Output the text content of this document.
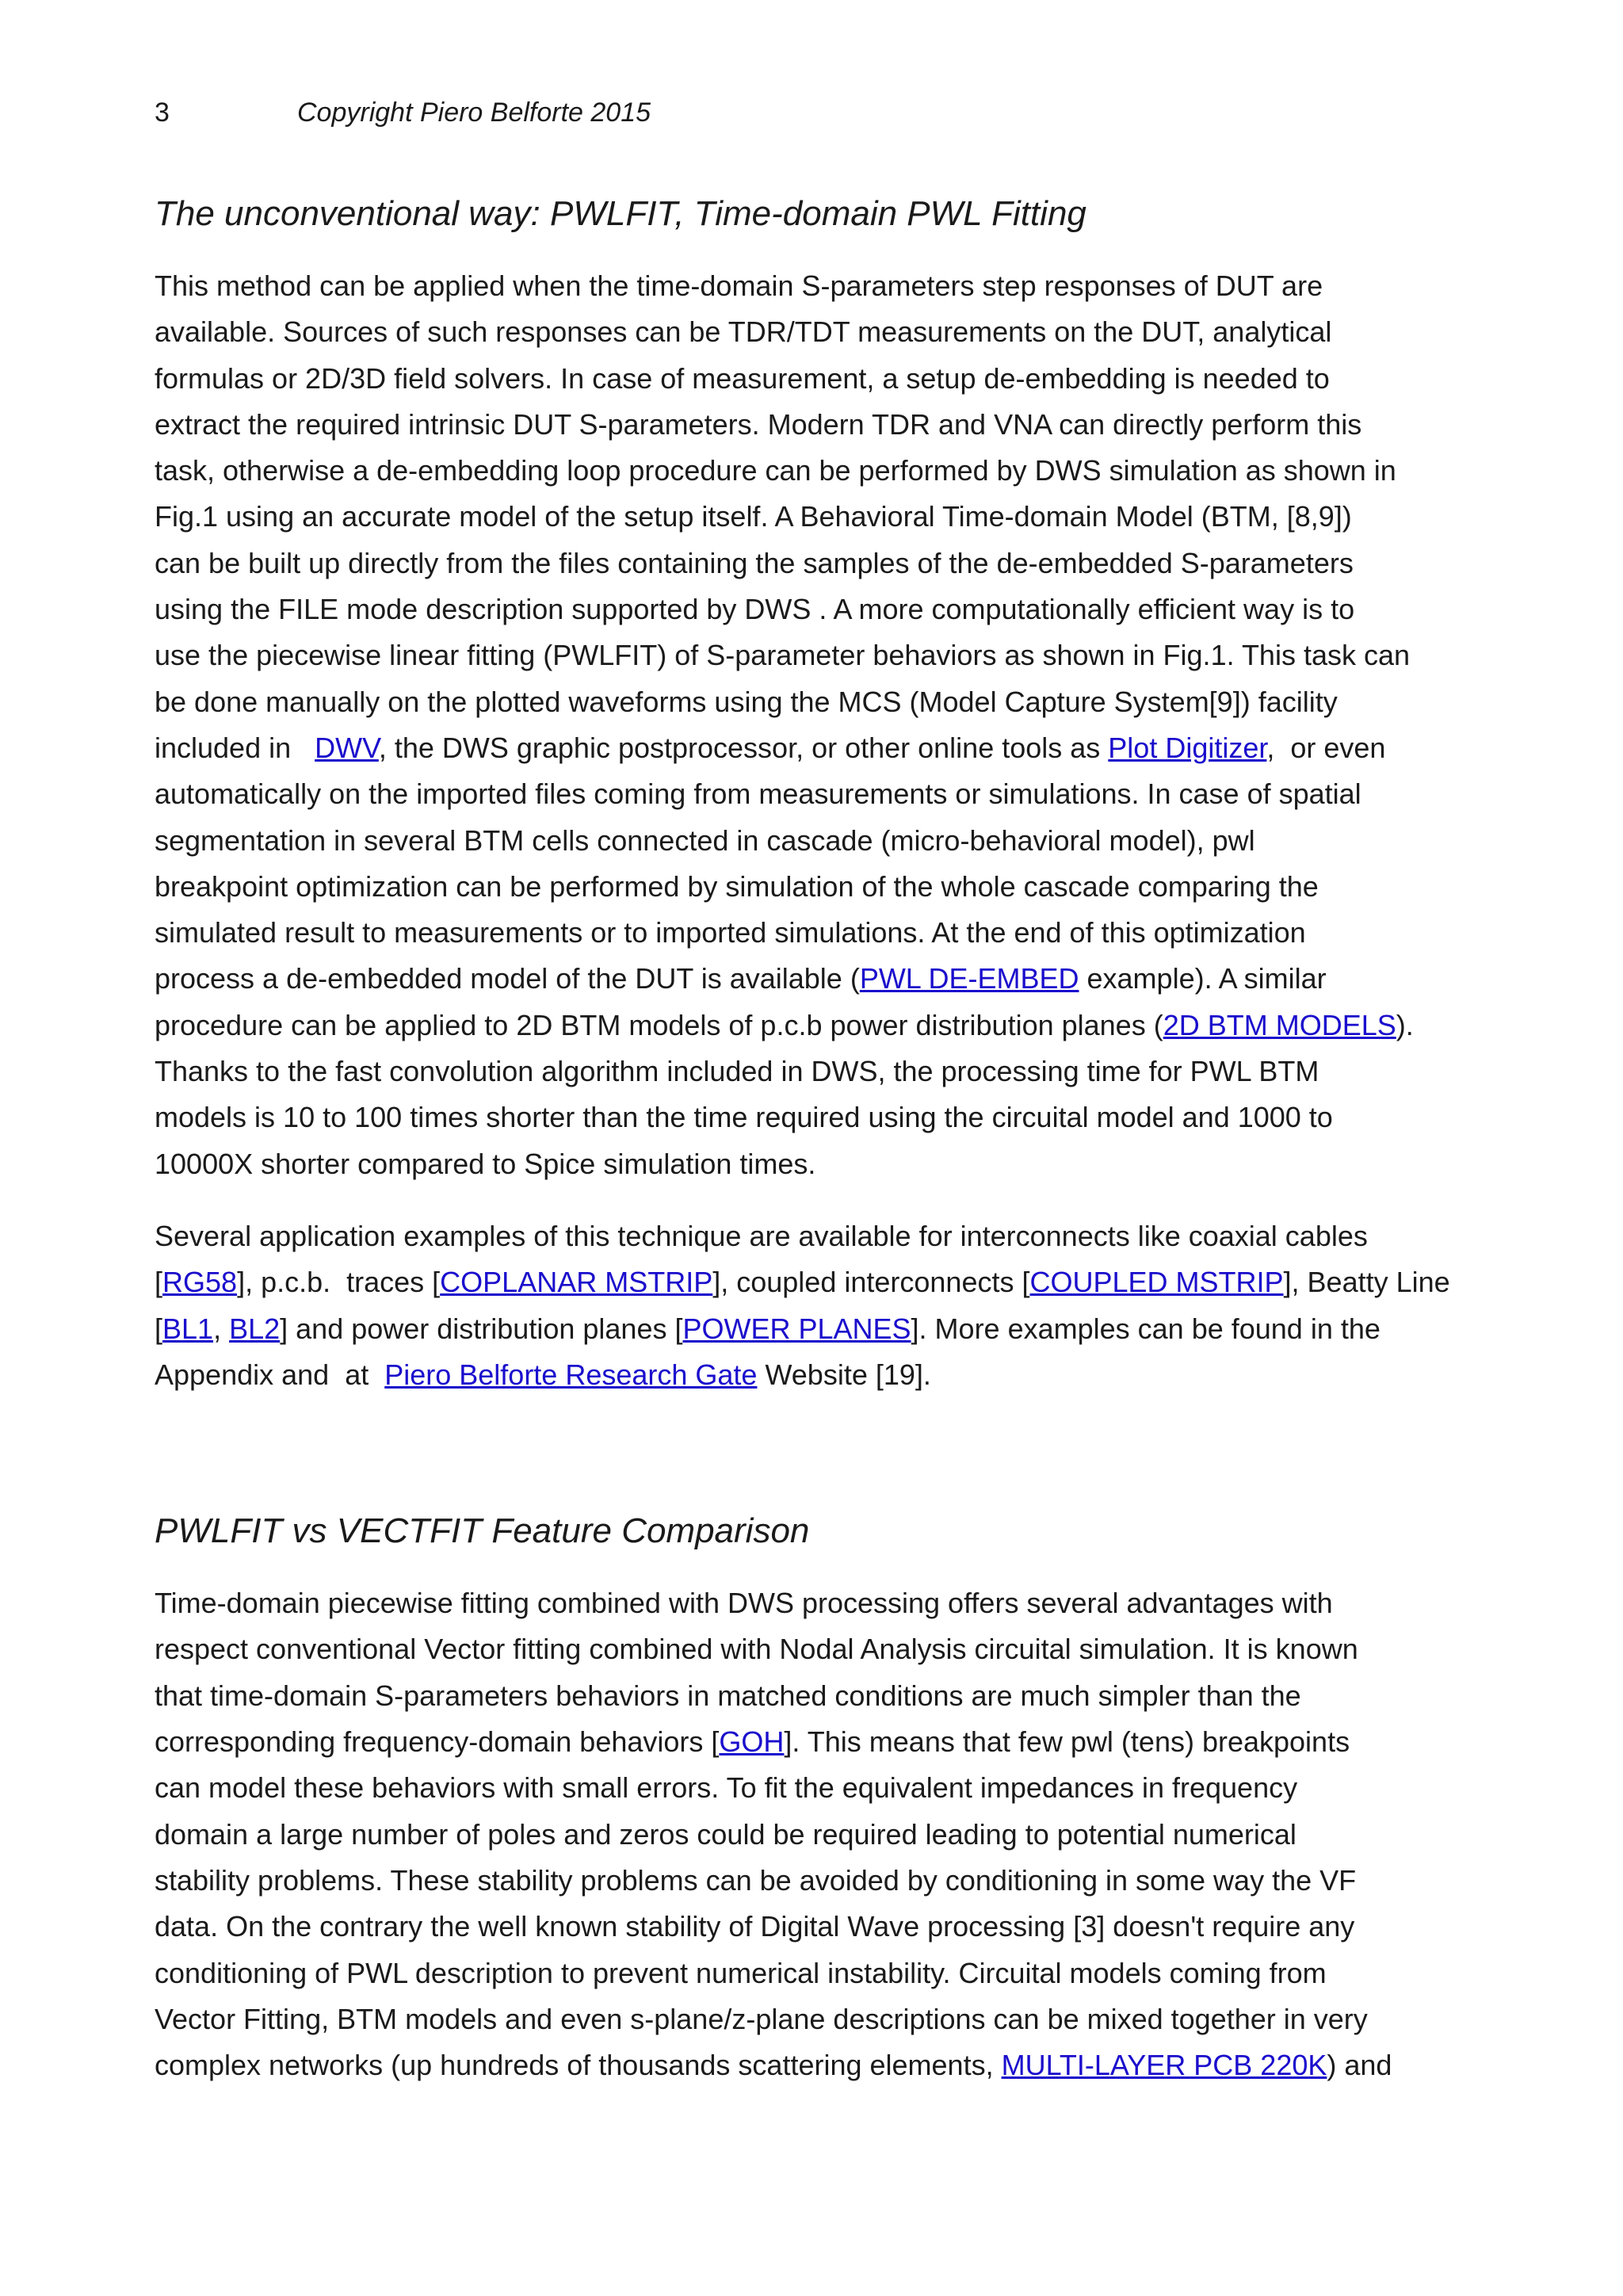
3	Copyright Piero Belforte 2015
The unconventional way: PWLFIT, Time-domain PWL Fitting

This method can be applied when the time-domain S-parameters step responses of DUT are
available. Sources of such responses can be TDR/TDT measurements on the DUT, analytical
formulas or 2D/3D field solvers. In case of measurement, a setup de-embedding is needed to
extract the required intrinsic DUT S-parameters. Modern TDR and VNA can directly perform this
task, otherwise a de-embedding loop procedure can be performed by DWS simulation as shown in
Fig.1 using an accurate model of the setup itself. A Behavioral Time-domain Model (BTM, [8,9])
can be built up directly from the files containing the samples of the de-embedded S-parameters
using the FILE mode description supported by DWS . A more computationally efficient way is to
use the piecewise linear fitting (PWLFIT) of S-parameter behaviors as shown in Fig.1. This task can
be done manually on the plotted waveforms using the MCS (Model Capture System[9]) facility
included in   DWV, the DWS graphic postprocessor, or other online tools as Plot Digitizer,  or even
automatically on the imported files coming from measurements or simulations. In case of spatial
segmentation in several BTM cells connected in cascade (micro-behavioral model), pwl
breakpoint optimization can be performed by simulation of the whole cascade comparing the
simulated result to measurements or to imported simulations. At the end of this optimization
process a de-embedded model of the DUT is available (PWL DE-EMBED example). A similar
procedure can be applied to 2D BTM models of p.c.b power distribution planes (2D BTM MODELS).
Thanks to the fast convolution algorithm included in DWS, the processing time for PWL BTM
models is 10 to 100 times shorter than the time required using the circuital model and 1000 to
10000X shorter compared to Spice simulation times.

Several application examples of this technique are available for interconnects like coaxial cables
[RG58], p.c.b.  traces [COPLANAR MSTRIP], coupled interconnects [COUPLED MSTRIP], Beatty Line
[BL1, BL2] and power distribution planes [POWER PLANES]. More examples can be found in the
Appendix and  at  Piero Belforte Research Gate Website [19].

PWLFIT vs VECTFIT Feature Comparison

Time-domain piecewise fitting combined with DWS processing offers several advantages with
respect conventional Vector fitting combined with Nodal Analysis circuital simulation. It is known
that time-domain S-parameters behaviors in matched conditions are much simpler than the
corresponding frequency-domain behaviors [GOH]. This means that few pwl (tens) breakpoints
can model these behaviors with small errors. To fit the equivalent impedances in frequency
domain a large number of poles and zeros could be required leading to potential numerical
stability problems. These stability problems can be avoided by conditioning in some way the VF
data. On the contrary the well known stability of Digital Wave processing [3] doesn't require any
conditioning of PWL description to prevent numerical instability. Circuital models coming from
Vector Fitting, BTM models and even s-plane/z-plane descriptions can be mixed together in very
complex networks (up hundreds of thousands scattering elements, MULTI-LAYER PCB 220K) and
